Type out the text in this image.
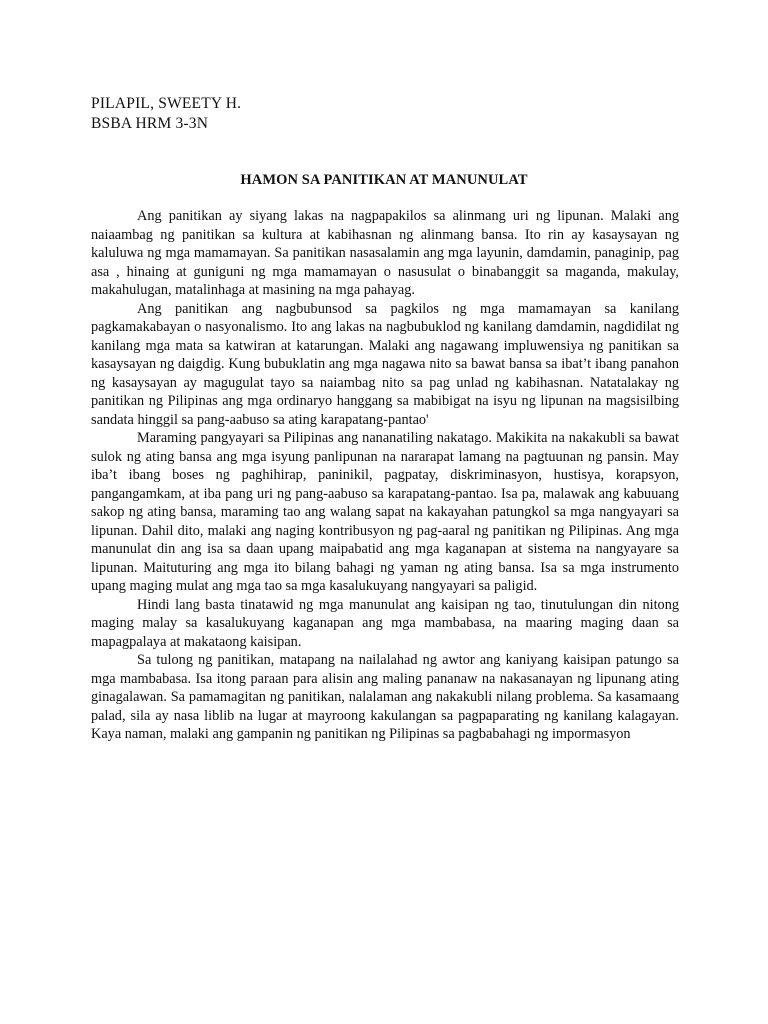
PILAPIL, SWEETY H.
BSBA HRM 3-3N
HAMON SA PANITIKAN AT MANUNULAT

Ang panitikan ay siyang lakas na nagpapakilos sa alinmang uri ng lipunan. Malaki ang naiaambag ng panitikan sa kultura at kabihasnan ng alinmang bansa. Ito rin ay kasaysayan ng kaluluwa ng mga mamamayan. Sa panitikan nasasalamin ang mga layunin, damdamin, panaginip, pag asa , hinaing at guniguni ng mga mamamayan o nasusulat o binabanggit sa maganda, makulay, makahulugan, matalinhaga at masining na mga pahayag.

Ang panitikan ang nagbubunsod sa pagkilos ng mga mamamayan sa kanilang pagkamakabayan o nasyonalismo. Ito ang lakas na nagbubuklod ng kanilang damdamin, nagdidilat ng kanilang mga mata sa katwiran at katarungan. Malaki ang nagawang impluwensiya ng panitikan sa kasaysayan ng daigdig. Kung bubuklatin ang mga nagawa nito sa bawat bansa sa ibat’t ibang panahon ng kasaysayan ay magugulat tayo sa naiambag nito sa pag unlad ng kabihasnan. Natatalakay ng panitikan ng Pilipinas ang mga ordinaryo hanggang sa mabibigat na isyu ng lipunan na magsisilbing sandata hinggil sa pang-aabuso sa ating karapatang-pantao'

Maraming pangyayari sa Pilipinas ang nananatiling nakatago. Makikita na nakakubli sa bawat sulok ng ating bansa ang mga isyung panlipunan na nararapat lamang na pagtuunan ng pansin. May iba’t ibang boses ng paghihirap, paninikil, pagpatay, diskriminasyon, hustisya, korapsyon, pangangamkam, at iba pang uri ng pang-aabuso sa karapatang-pantao. Isa pa, malawak ang kabuuang sakop ng ating bansa, maraming tao ang walang sapat na kakayahan patungkol sa mga nangyayari sa lipunan. Dahil dito, malaki ang naging kontribusyon ng pag-aaral ng panitikan ng Pilipinas. Ang mga manunulat din ang isa sa daan upang maipabatid ang mga kaganapan at sistema na nangyayare sa lipunan. Maituturing ang mga ito bilang bahagi ng yaman ng ating bansa. Isa sa mga instrumento upang maging mulat ang mga tao sa mga kasalukuyang nangyayari sa paligid.

Hindi lang basta tinatawid ng mga manunulat ang kaisipan ng tao, tinutulungan din nitong maging malay sa kasalukuyang kaganapan ang mga mambabasa, na maaring maging daan sa mapagpalaya at makataong kaisipan.

Sa tulong ng panitikan, matapang na nailalahad ng awtor ang kaniyang kaisipan patungo sa mga mambabasa. Isa itong paraan para alisin ang maling pananaw na nakasanayan ng lipunang ating ginagalawan. Sa pamamagitan ng panitikan, nalalaman ang nakakubli nilang problema. Sa kasamaang palad, sila ay nasa liblib na lugar at mayroong kakulangan sa pagpaparating ng kanilang kalagayan. Kaya naman, malaki ang gampanin ng panitikan ng Pilipinas sa pagbabahagi ng impormasyon
